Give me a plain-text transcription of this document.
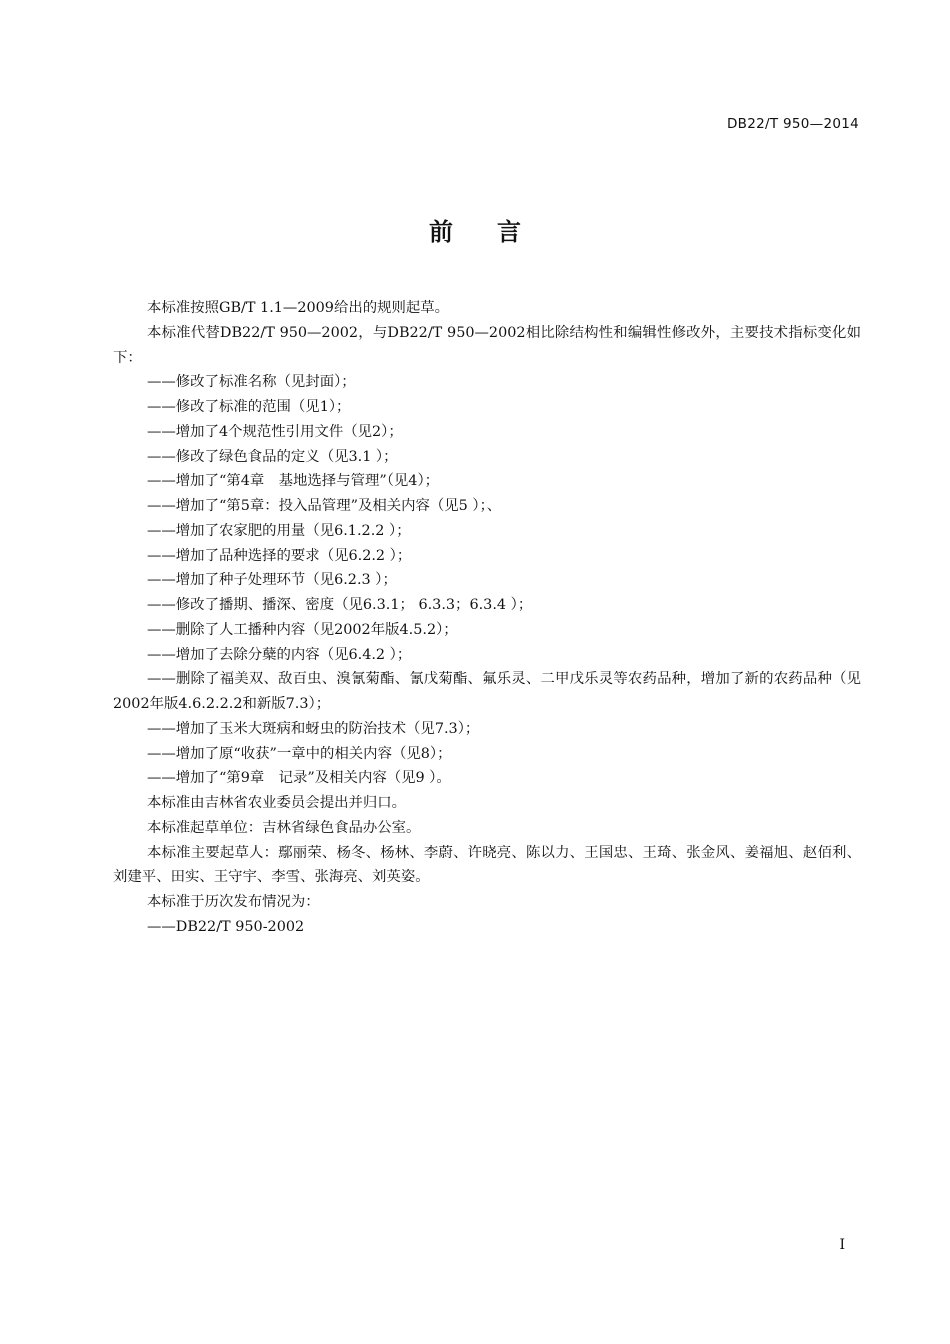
DB22/T 950—2014
前言

本标准按照GB/T 1.1—2009给出的规则起草。

本标准代替DB22/T 950—2002，与DB22/T 950—2002相比除结构性和编辑性修改外，主要技术指标变化如下：

——修改了标准名称（见封面）；

——修改了标准的范围（见1）；

——增加了4个规范性引用文件（见2）；

——修改了绿色食品的定义（见3.1 ）；

——增加了“第4章　基地选择与管理”（见4）；

——增加了“第5章：投入品管理”及相关内容（见5 ）；、

——增加了农家肥的用量（见6.1.2.2 ）；

——增加了品种选择的要求（见6.2.2 ）；

——增加了种子处理环节（见6.2.3 ）；

——修改了播期、播深、密度（见6.3.1； 6.3.3；6.3.4 ）；

——删除了人工播种内容（见2002年版4.5.2）；

——增加了去除分蘖的内容（见6.4.2 ）；

——删除了福美双、敌百虫、溴氰菊酯、氰戊菊酯、氟乐灵、二甲戊乐灵等农药品种，增加了新的农药品种（见2002年版4.6.2.2.2和新版7.3）；

——增加了玉米大斑病和蚜虫的防治技术（见7.3）；

——增加了原“收获”一章中的相关内容（见8）；

——增加了“第9章　记录”及相关内容（见9 ）。

本标准由吉林省农业委员会提出并归口。

本标准起草单位：吉林省绿色食品办公室。

本标准主要起草人：鄢丽荣、杨冬、杨林、李蔚、许晓亮、陈以力、王国忠、王琦、张金风、姜福旭、赵佰利、刘建平、田实、王守宇、李雪、张海亮、刘英姿。

本标准于历次发布情况为：

——DB22/T 950-2002

I
